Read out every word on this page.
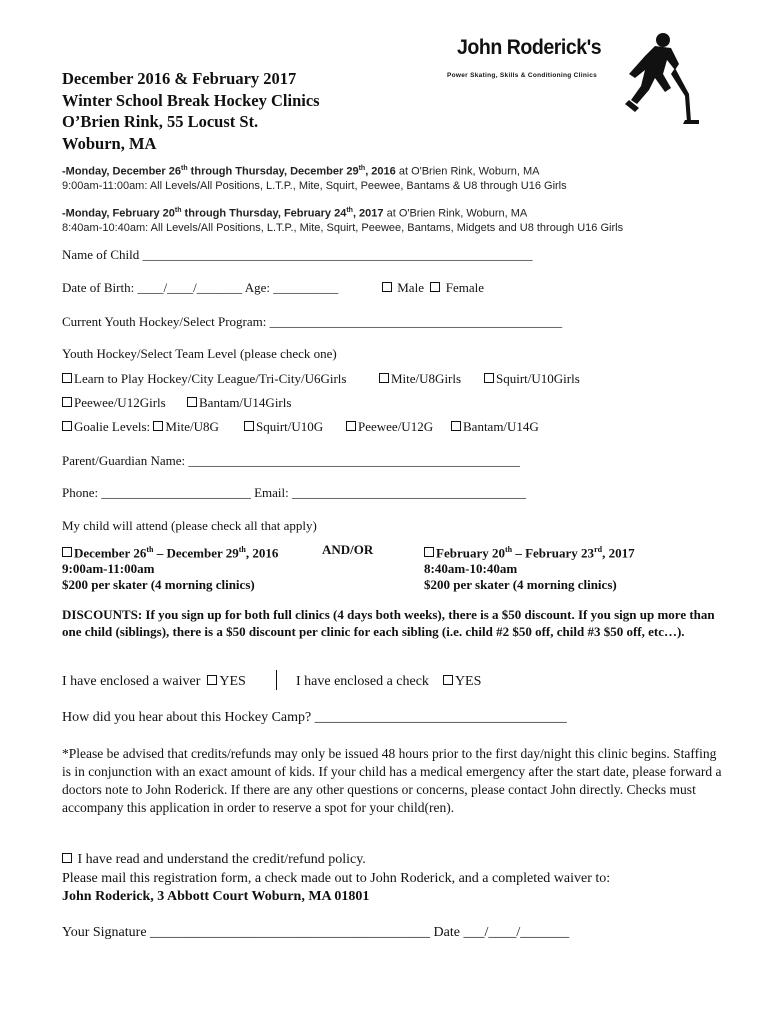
December 2016 & February 2017
Winter School Break Hockey Clinics
O’Brien Rink, 55 Locust St.
Woburn, MA
John Roderick's
Power Skating, Skills & Conditioning Clinics
-Monday, December 26th through Thursday, December 29th, 2016 at O'Brien Rink, Woburn, MA
9:00am-11:00am: All Levels/All Positions, L.T.P., Mite, Squirt, Peewee, Bantams & U8 through U16 Girls
-Monday, February 20th through Thursday, February 24th, 2017 at O'Brien Rink, Woburn, MA
8:40am-10:40am: All Levels/All Positions, L.T.P., Mite, Squirt, Peewee, Bantams, Midgets and U8 through U16 Girls
Name of Child ____________________________________________________________
Date of Birth: ____/____/_______ Age: __________	Male Female
Current Youth Hockey/Select Program: _____________________________________________
Youth Hockey/Select Team Level (please check one)
Learn to Play Hockey/City League/Tri-City/U6Girls	Mite/U8Girls	Squirt/U10Girls
Peewee/U12Girls	Bantam/U14Girls
Goalie Levels: Mite/U8G	Squirt/U10G	Peewee/U12G	Bantam/U14G
Parent/Guardian Name: ___________________________________________________
Phone: _______________________ Email: ____________________________________
My child will attend (please check all that apply)
December 26th – December 29th, 2016
9:00am-11:00am
$200 per skater (4 morning clinics)
AND/OR	February 20th – February 23rd, 2017
8:40am-10:40am
$200 per skater (4 morning clinics)
DISCOUNTS: If you sign up for both full clinics (4 days both weeks), there is a $50 discount. If you sign up more than one child (siblings), there is a $50 discount per clinic for each sibling (i.e. child #2 $50 off, child #3 $50 off, etc…).
I have enclosed a waiver YES	I have enclosed a check YES
How did you hear about this Hockey Camp? ____________________________________
*Please be advised that credits/refunds may only be issued 48 hours prior to the first day/night this clinic begins. Staffing is in conjunction with an exact amount of kids. If your child has a medical emergency after the start date, please forward a doctors note to John Roderick. If there are any other questions or concerns, please contact John directly. Checks must accompany this application in order to reserve a spot for your child(ren).
I have read and understand the credit/refund policy.
Please mail this registration form, a check made out to John Roderick, and a completed waiver to:
John Roderick, 3 Abbott Court Woburn, MA 01801
Your Signature ________________________________________ Date ___/____/_______
